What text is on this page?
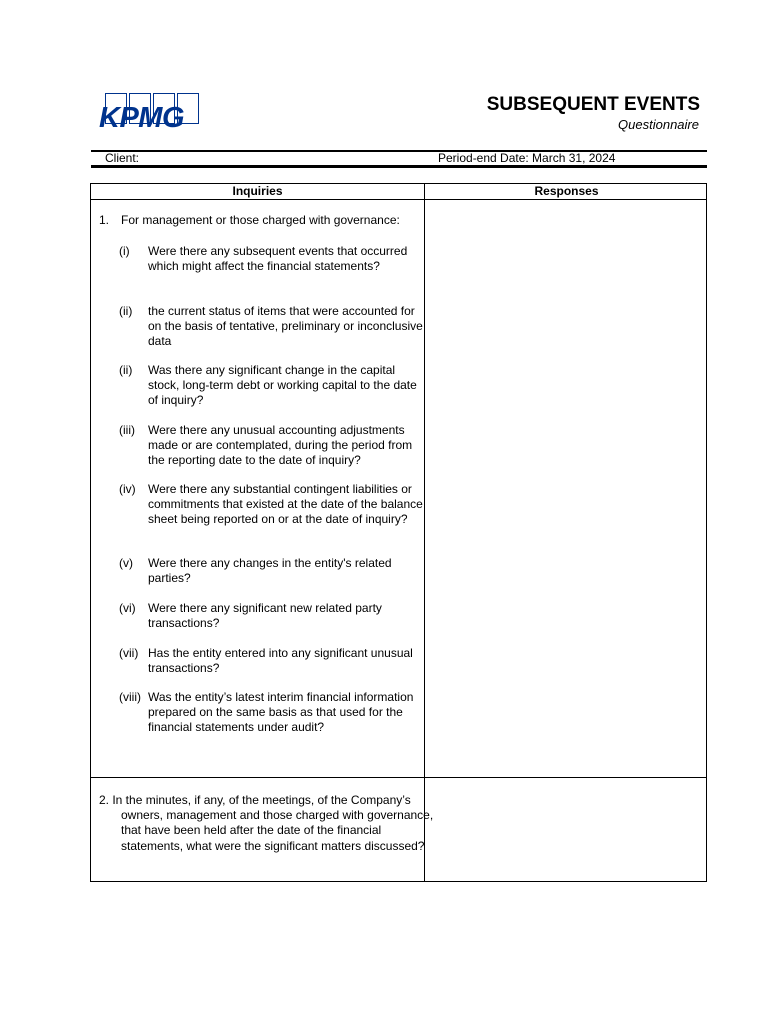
KPMG	SUBSEQUENT EVENTS
Questionnaire
Client:	Period-end Date: March 31, 2024
Inquiries	Responses
1. For management or those charged with governance:
(i) Were there any subsequent events that occurred which might affect the financial statements?
(ii) the current status of items that were accounted for on the basis of tentative, preliminary or inconclusive data
(ii) Was there any significant change in the capital stock, long-term debt or working capital to the date of inquiry?
(iii) Were there any unusual accounting adjustments made or are contemplated, during the period from the reporting date to the date of inquiry?
(iv) Were there any substantial contingent liabilities or commitments that existed at the date of the balance sheet being reported on or at the date of inquiry?
(v) Were there any changes in the entity's related parties?
(vi) Were there any significant new related party transactions?
(vii) Has the entity entered into any significant unusual transactions?
(viii) Was the entity’s latest interim financial information prepared on the same basis as that used for the financial statements under audit?
2. In the minutes, if any, of the meetings, of the Company’s owners, management and those charged with governance, that have been held after the date of the financial statements, what were the significant matters discussed?
